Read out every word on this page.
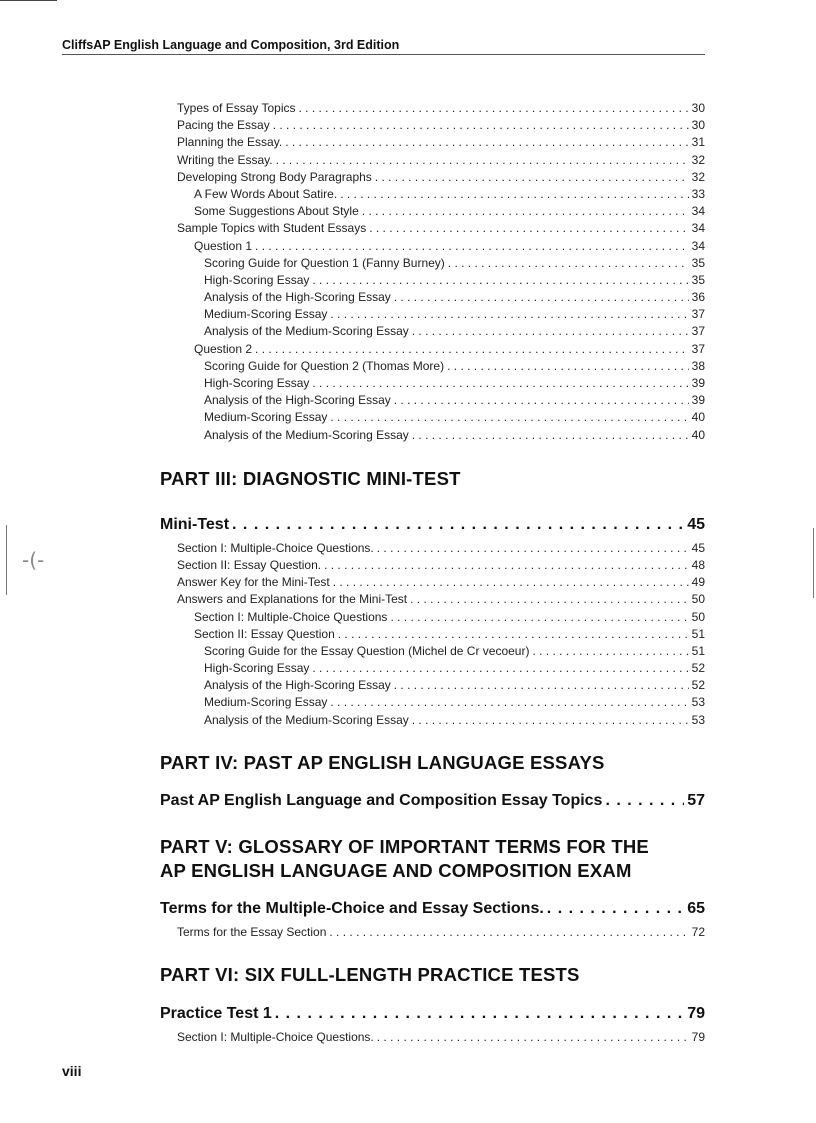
-(-
CliffsAP English Language and Composition, 3rd Edition
Types of Essay Topics . . .	30
Pacing the Essay . . .	30
Planning the Essay. . . .	31
Writing the Essay. . . .	32
Developing Strong Body Paragraphs . . .	32
A Few Words About Satire. . . .	33
Some Suggestions About Style . . .	34
Sample Topics with Student Essays . . .	34
Question 1 . . .	34
Scoring Guide for Question 1 (Fanny Burney) . . .	35
High-Scoring Essay . . .	35
Analysis of the High-Scoring Essay . . .	36
Medium-Scoring Essay . . .	37
Analysis of the Medium-Scoring Essay . . .	37
Question 2 . . .	37
Scoring Guide for Question 2 (Thomas More) . . .	38
High-Scoring Essay . . .	39
Analysis of the High-Scoring Essay . . .	39
Medium-Scoring Essay . . .	40
Analysis of the Medium-Scoring Essay . . .	40
PART III: DIAGNOSTIC MINI-TEST
Mini-Test . . .	45
Section I: Multiple-Choice Questions. . . .	45
Section II: Essay Question. . . .	48
Answer Key for the Mini-Test . . .	49
Answers and Explanations for the Mini-Test . . .	50
Section I: Multiple-Choice Questions . . .	50
Section II: Essay Question . . .	51
Scoring Guide for the Essay Question (Michel de Cr vecoeur) . . .	51
High-Scoring Essay . . .	52
Analysis of the High-Scoring Essay . . .	52
Medium-Scoring Essay . . .	53
Analysis of the Medium-Scoring Essay . . .	53
PART IV: PAST AP ENGLISH LANGUAGE ESSAYS
Past AP English Language and Composition Essay Topics . . .	57
PART V: GLOSSARY OF IMPORTANT TERMS FOR THE
AP ENGLISH LANGUAGE AND COMPOSITION EXAM
Terms for the Multiple-Choice and Essay Sections. . . .	65
Terms for the Essay Section . . .	72
PART VI: SIX FULL-LENGTH PRACTICE TESTS
Practice Test 1 . . .	79
Section I: Multiple-Choice Questions. . . .	79
viii
